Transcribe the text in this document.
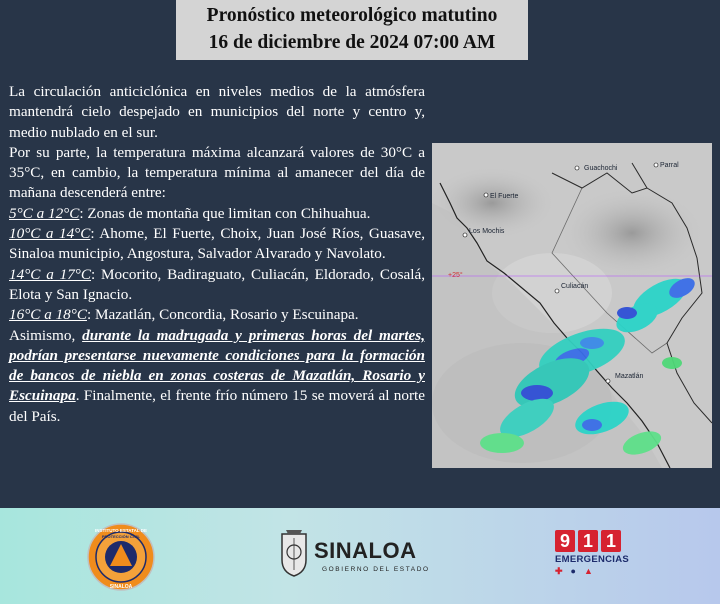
Pronóstico meteorológico matutino
16 de diciembre de 2024 07:00 AM

La circulación anticiclónica en niveles medios de la atmósfera mantendrá cielo despejado en municipios del norte y centro y, medio nublado en el sur.

Por su parte, la temperatura máxima alcanzará valores de 30°C a 35°C, en cambio, la temperatura mínima al amanecer del día de mañana descenderá entre:

5°C a 12°C: Zonas de montaña que limitan con Chihuahua.

10°C a 14°C: Ahome, El Fuerte, Choix, Juan José Ríos, Guasave, Sinaloa municipio, Angostura, Salvador Alvarado y Navolato.

14°C a 17°C: Mocorito, Badiraguato, Culiacán, Eldorado, Cosalá, Elota y San Ignacio.

16°C a 18°C: Mazatlán, Concordia, Rosario y Escuinapa.

Asimismo, durante la madrugada y primeras horas del martes, podrían presentarse nuevamente condiciones para la formación de bancos de niebla en zonas costeras de Mazatlán, Rosario y Escuinapa. Finalmente, el frente frío número 15 se moverá al norte del País.

Guachochi	Parral
El Fuerte
Los Mochis
Culiacán
Mazatlán
+25°
INSTITUTO ESTATAL DE
PROTECCIÓN CIVIL
SINALOA
SINALOA
GOBIERNO DEL ESTADO
9 1 1
EMERGENCIAS
✚ ● ▲
